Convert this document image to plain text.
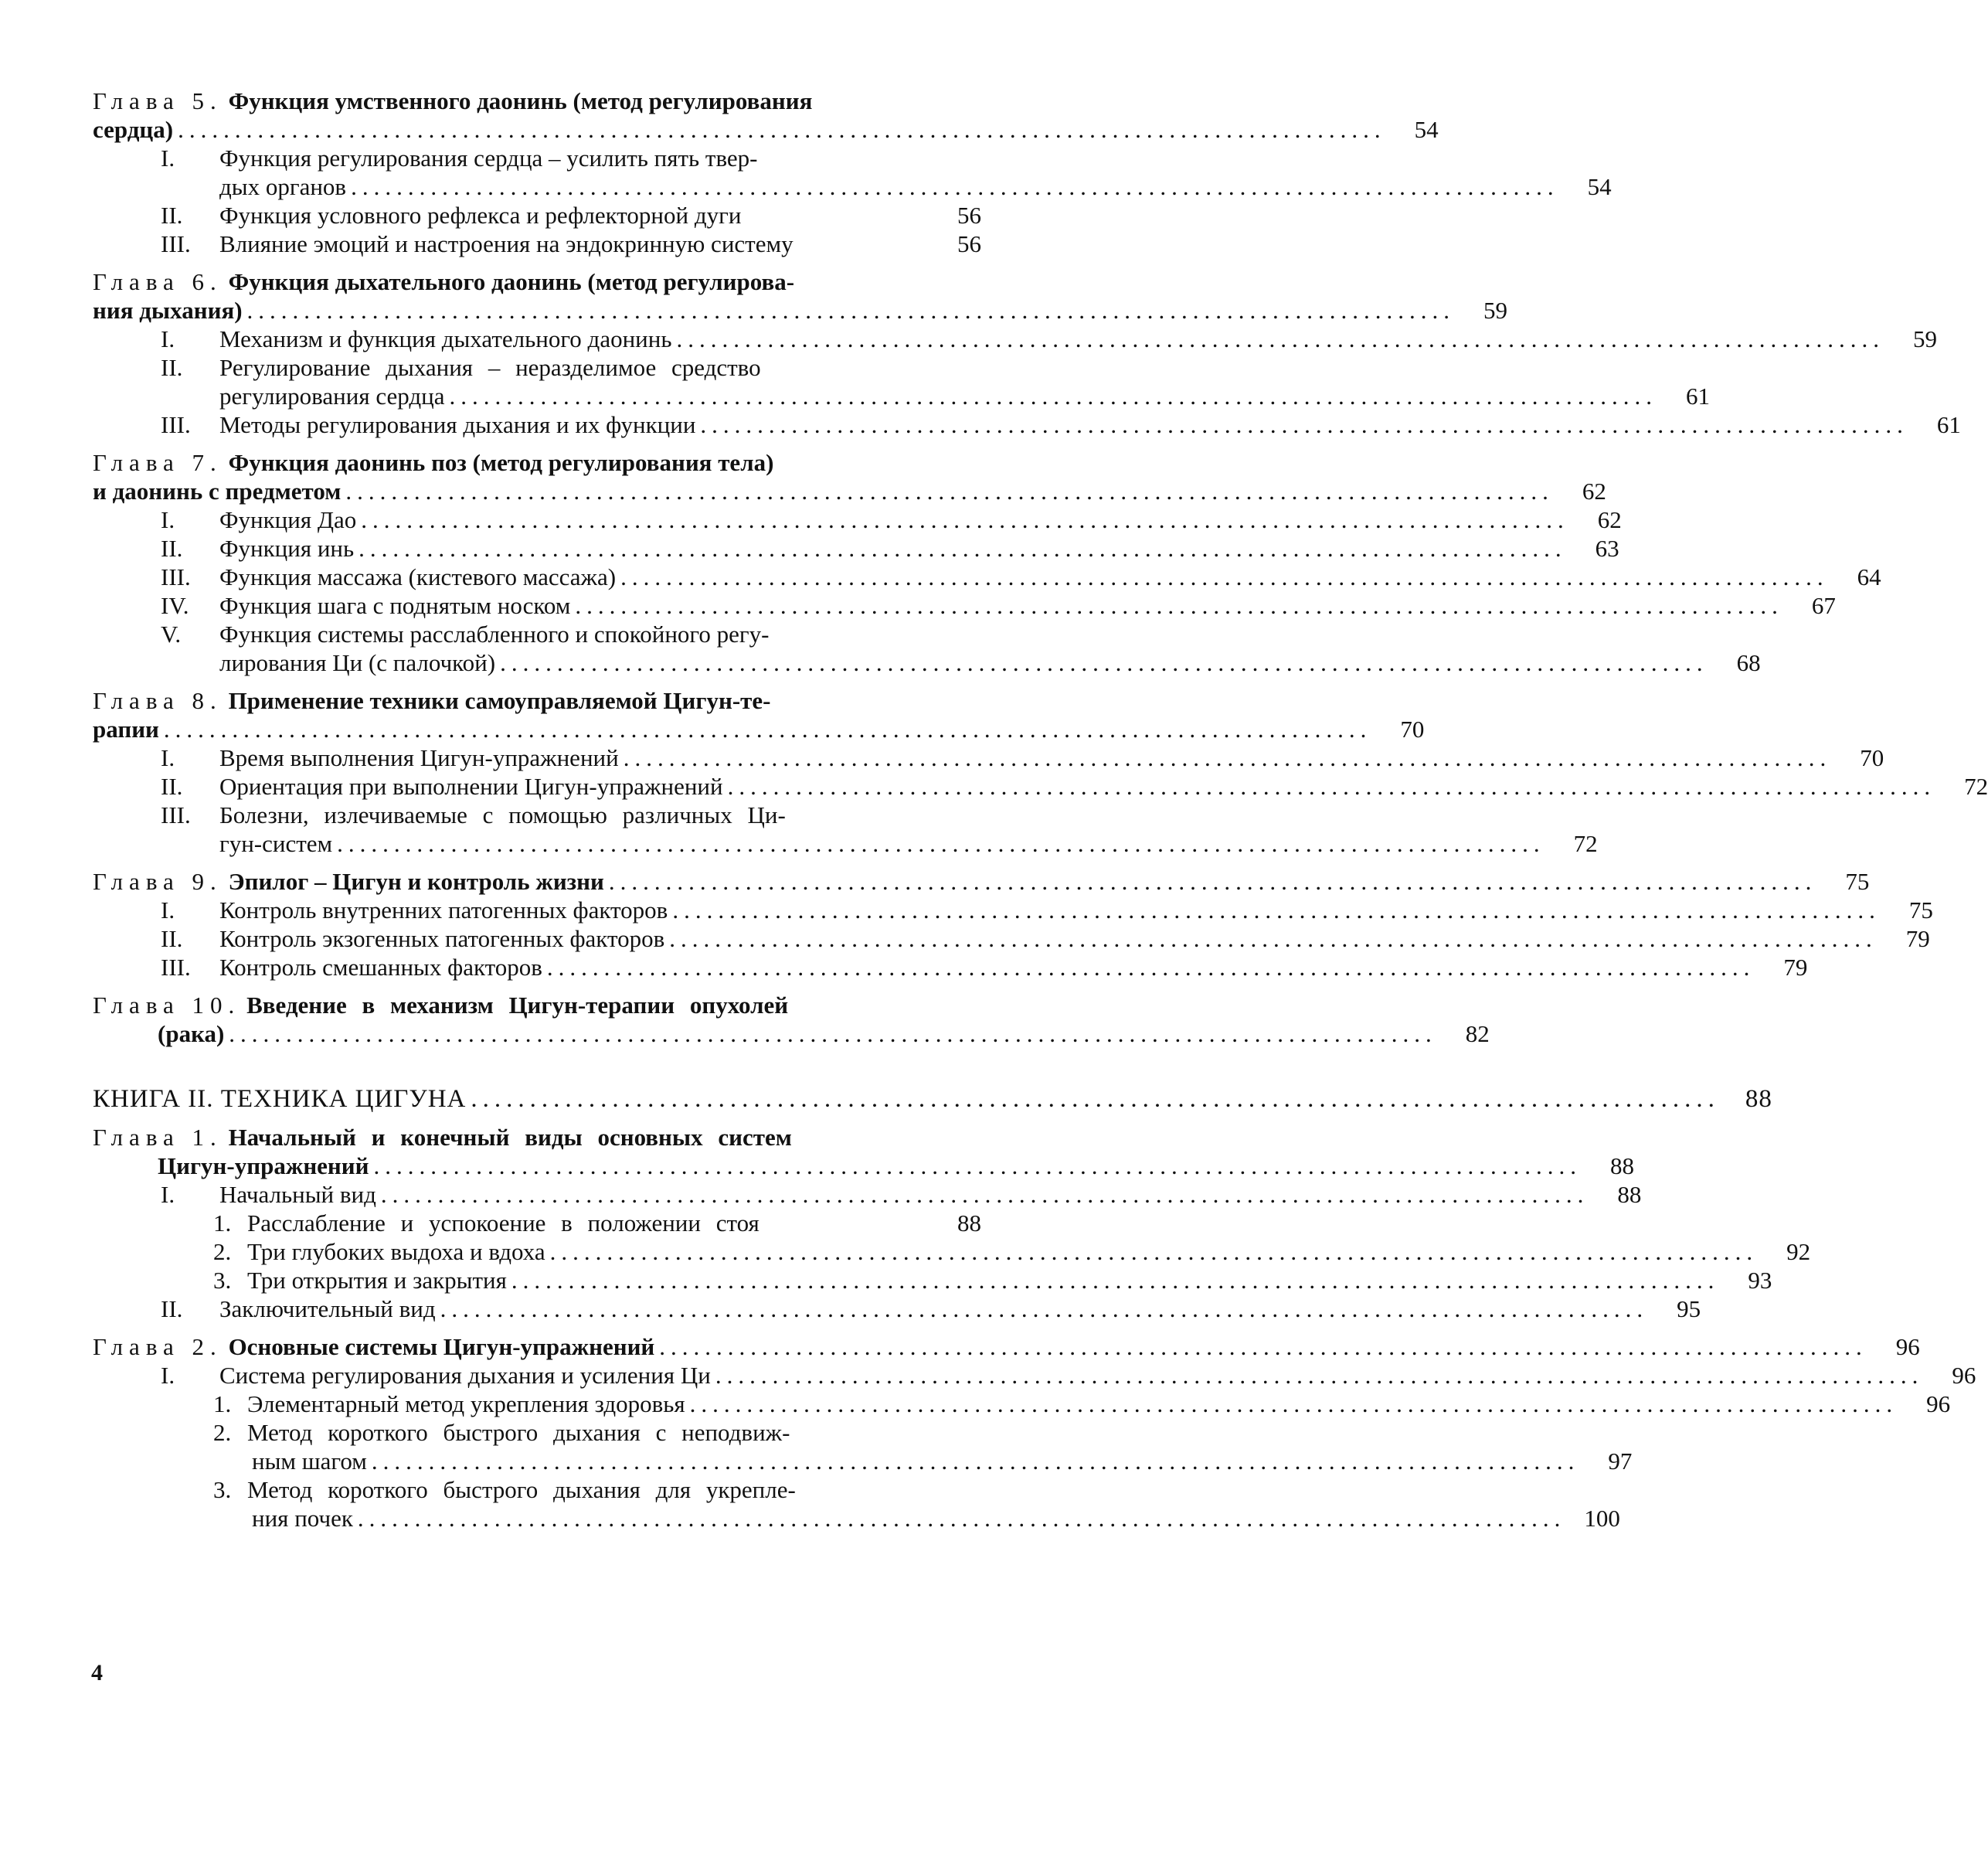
Глава 5. Функция умственного даонинь (метод регулирования
сердца) ..........................................................................................................	54
I. Функция регулирования сердца – усилить пять твер-
дых органов ..........................................................................................................	54
II. Функция условного рефлекса и рефлекторной дуги	56
III. Влияние эмоций и настроения на эндокринную систему	56
Глава 6. Функция дыхательного даонинь (метод регулирова-
ния дыхания) ..........................................................................................................	59
I. Механизм и функция дыхательного даонинь ..........................................................................................................	59
II. Регулирование дыхания – неразделимое средство
регулирования сердца ..........................................................................................................	61
III. Методы регулирования дыхания и их функции ..........................................................................................................	61
Глава 7. Функция даонинь поз (метод регулирования тела)
и даонинь с предметом ..........................................................................................................	62
I. Функция Дао ..........................................................................................................	62
II. Функция инь ..........................................................................................................	63
III. Функция массажа (кистевого массажа) ..........................................................................................................	64
IV. Функция шага с поднятым носком ..........................................................................................................	67
V. Функция системы расслабленного и спокойного регу-
лирования Ци (с палочкой) ..........................................................................................................	68
Глава 8. Применение техники самоуправляемой Цигун-те-
рапии ..........................................................................................................	70
I. Время выполнения Цигун-упражнений ..........................................................................................................	70
II. Ориентация при выполнении Цигун-упражнений ..........................................................................................................	72
III. Болезни, излечиваемые с помощью различных Ци-
гун-систем ..........................................................................................................	72
Глава 9. Эпилог – Цигун и контроль жизни ..........................................................................................................	75
I. Контроль внутренних патогенных факторов ..........................................................................................................	75
II. Контроль экзогенных патогенных факторов ..........................................................................................................	79
III. Контроль смешанных факторов ..........................................................................................................	79
Глава 10. Введение в механизм Цигун-терапии опухолей
(рака) ..........................................................................................................	82
КНИГА II. ТЕХНИКА ЦИГУНА .......................................................................................................... 88
Глава 1. Начальный и конечный виды основных систем
Цигун-упражнений ..........................................................................................................	88
I. Начальный вид ..........................................................................................................	88
1. Расслабление и успокоение в положении стоя	88
2. Три глубоких выдоха и вдоха ..........................................................................................................	92
3. Три открытия и закрытия ..........................................................................................................	93
II. Заключительный вид ..........................................................................................................	95
Глава 2. Основные системы Цигун-упражнений ..........................................................................................................	96
I. Система регулирования дыхания и усиления Ци ..........................................................................................................	96
1. Элементарный метод укрепления здоровья ..........................................................................................................	96
2. Метод короткого быстрого дыхания с неподвиж-
ным шагом ..........................................................................................................	97
3. Метод короткого быстрого дыхания для укрепле-
ния почек .......................................................................................................... 100
4
